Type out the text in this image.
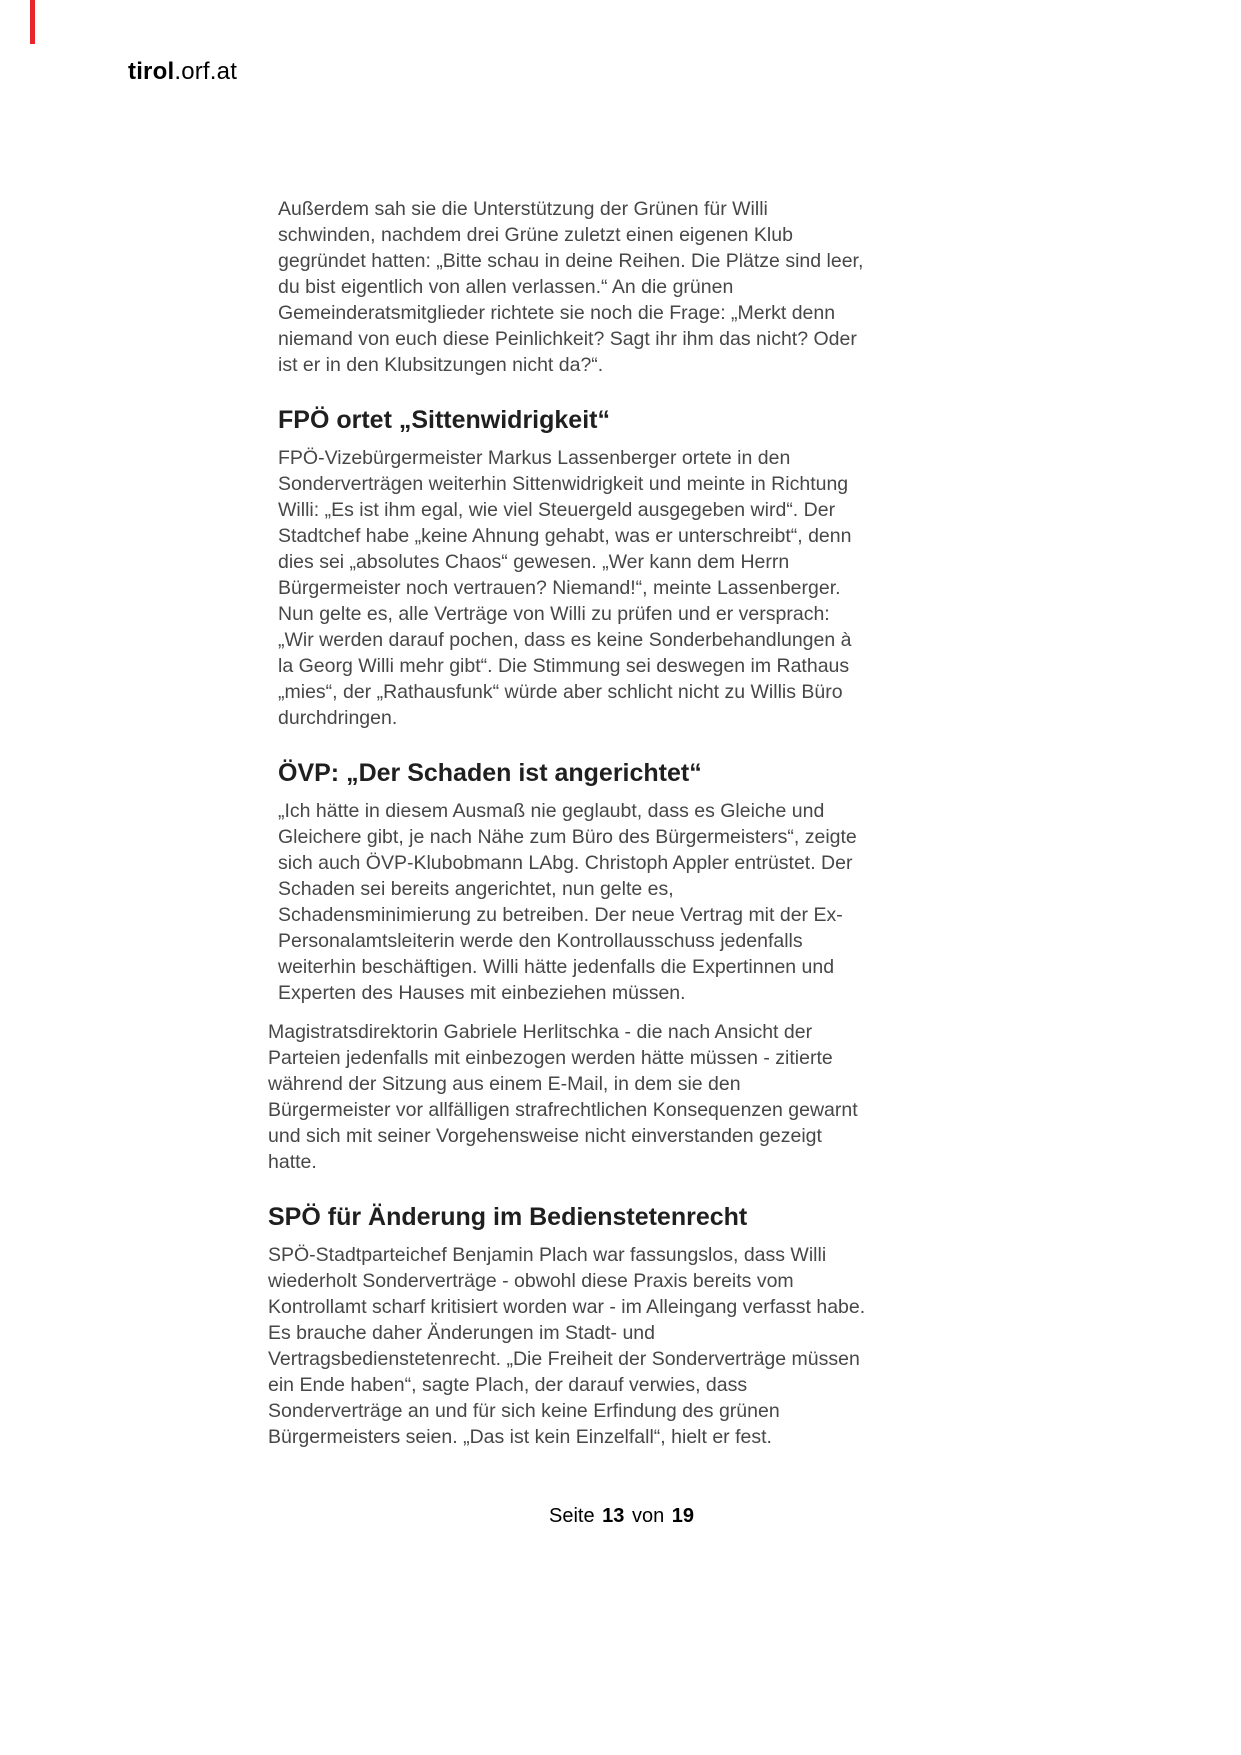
tirol.orf.at

Außerdem sah sie die Unterstützung der Grünen für Willi schwinden, nachdem drei Grüne zuletzt einen eigenen Klub gegründet hatten: „Bitte schau in deine Reihen. Die Plätze sind leer, du bist eigentlich von allen verlassen.“ An die grünen Gemeinderatsmitglieder richtete sie noch die Frage: „Merkt denn niemand von euch diese Peinlichkeit? Sagt ihr ihm das nicht? Oder ist er in den Klubsitzungen nicht da?“.

FPÖ ortet „Sittenwidrigkeit“

FPÖ-Vizebürgermeister Markus Lassenberger ortete in den Sonderverträgen weiterhin Sittenwidrigkeit und meinte in Richtung Willi: „Es ist ihm egal, wie viel Steuergeld ausgegeben wird“. Der Stadtchef habe „keine Ahnung gehabt, was er unterschreibt“, denn dies sei „absolutes Chaos“ gewesen. „Wer kann dem Herrn Bürgermeister noch vertrauen? Niemand!“, meinte Lassenberger. Nun gelte es, alle Verträge von Willi zu prüfen und er versprach: „Wir werden darauf pochen, dass es keine Sonderbehandlungen à la Georg Willi mehr gibt“. Die Stimmung sei deswegen im Rathaus „mies“, der „Rathausfunk“ würde aber schlicht nicht zu Willis Büro durchdringen.

ÖVP: „Der Schaden ist angerichtet“

„Ich hätte in diesem Ausmaß nie geglaubt, dass es Gleiche und Gleichere gibt, je nach Nähe zum Büro des Bürgermeisters“, zeigte sich auch ÖVP-Klubobmann LAbg. Christoph Appler entrüstet. Der Schaden sei bereits angerichtet, nun gelte es, Schadensminimierung zu betreiben. Der neue Vertrag mit der Ex-Personalamtsleiterin werde den Kontrollausschuss jedenfalls weiterhin beschäftigen. Willi hätte jedenfalls die Expertinnen und Experten des Hauses mit einbeziehen müssen.

Magistratsdirektorin Gabriele Herlitschka - die nach Ansicht der Parteien jedenfalls mit einbezogen werden hätte müssen - zitierte während der Sitzung aus einem E-Mail, in dem sie den Bürgermeister vor allfälligen strafrechtlichen Konsequenzen gewarnt und sich mit seiner Vorgehensweise nicht einverstanden gezeigt hatte.

SPÖ für Änderung im Bedienstetenrecht

SPÖ-Stadtparteichef Benjamin Plach war fassungslos, dass Willi wiederholt Sonderverträge - obwohl diese Praxis bereits vom Kontrollamt scharf kritisiert worden war - im Alleingang verfasst habe. Es brauche daher Änderungen im Stadt- und Vertragsbedienstetenrecht. „Die Freiheit der Sonderverträge müssen ein Ende haben“, sagte Plach, der darauf verwies, dass Sonderverträge an und für sich keine Erfindung des grünen Bürgermeisters seien. „Das ist kein Einzelfall“, hielt er fest.

Seite 13 von 19
